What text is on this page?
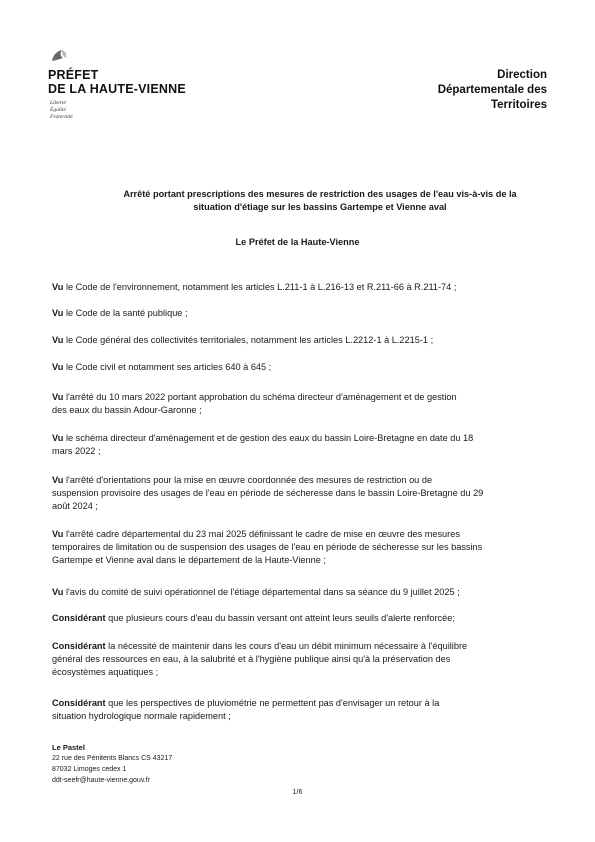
PRÉFET
DE LA HAUTE-VIENNE
Liberté
Égalité
Fraternité
Direction
Départementale des
Territoires
Arrêté portant prescriptions des mesures de restriction des usages de l'eau vis-à-vis de la
situation d'étiage sur les bassins Gartempe et Vienne aval
Le Préfet de la Haute-Vienne
Vu le Code de l'environnement, notamment les articles L.211-1 à L.216-13 et R.211-66 à R.211-74 ;
Vu le Code de la santé publique ;
Vu le Code général des collectivités territoriales, notamment les articles L.2212-1 à L.2215-1 ;
Vu le Code civil et notamment ses articles 640 à 645 ;
Vu l'arrêté du 10 mars 2022 portant approbation du schéma directeur d'aménagement et de gestion
des eaux du bassin Adour-Garonne ;
Vu le schéma directeur d'aménagement et de gestion des eaux du bassin Loire-Bretagne en date du 18
mars 2022 ;
Vu l'arrêté d'orientations pour la mise en œuvre coordonnée des mesures de restriction ou de
suspension provisoire des usages de l'eau en période de sécheresse dans le bassin Loire-Bretagne du 29
août 2024 ;
Vu l'arrêté cadre départemental du 23 mai 2025 définissant le cadre de mise en œuvre des mesures
temporaires de limitation ou de suspension des usages de l'eau en période de sécheresse sur les bassins
Gartempe et Vienne aval dans le département de la Haute-Vienne ;
Vu l'avis du comité de suivi opérationnel de l'étiage départemental dans sa séance du 9 juillet 2025 ;
Considérant que plusieurs cours d'eau du bassin versant ont atteint leurs seuils d'alerte renforcée;
Considérant la nécessité de maintenir dans les cours d'eau un débit minimum nécessaire à l'équilibre
général des ressources en eau, à la salubrité et à l'hygiène publique ainsi qu'à la préservation des
écosystèmes aquatiques ;
Considérant que les perspectives de pluviométrie ne permettent pas d'envisager un retour à la
situation hydrologique normale rapidement ;
Le Pastel
22 rue des Pénitents Blancs CS 43217
87032 Limoges cedex 1
ddt-seefr@haute-vienne.gouv.fr
1/6
